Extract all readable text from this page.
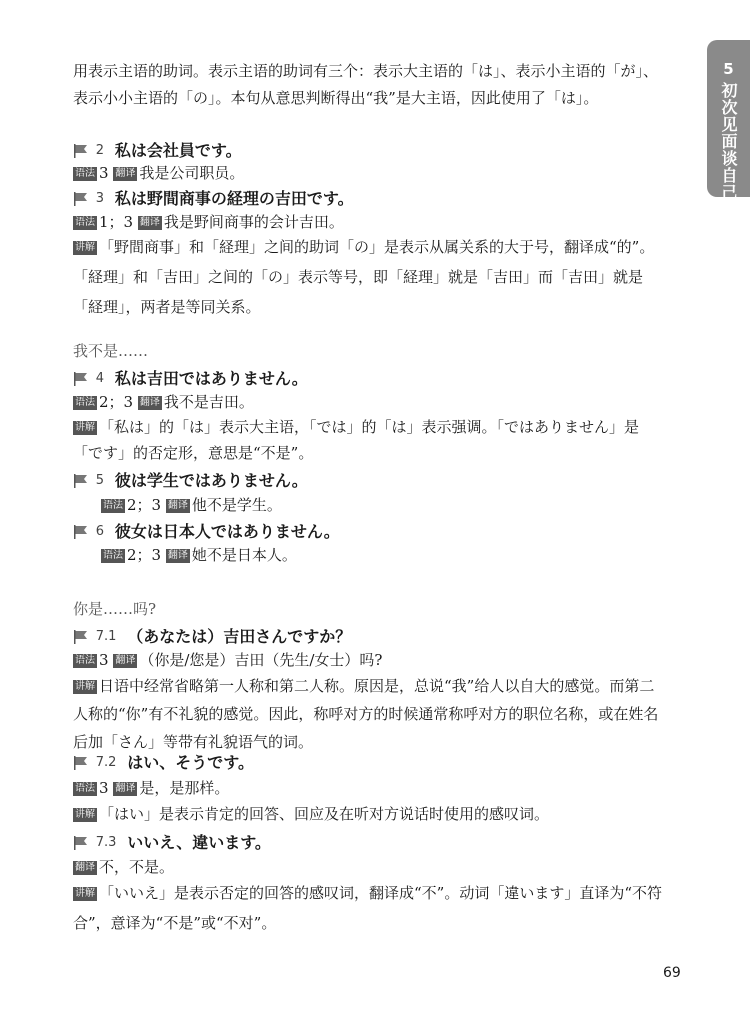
5
初次见面谈自己
用表示主语的助词。表示主语的助词有三个：表示大主语的「は」、表示小主语的「が」、表示小小主语的「の」。本句从意思判断得出“我”是大主语，因此使用了「は」。
2 私は会社員です。
语法 3 翻译 我是公司职员。
3 私は野間商事の経理の吉田です。
语法 1；3 翻译 我是野间商事的会计吉田。
讲解 「野間商事」和「経理」之间的助词「の」是表示从属关系的大于号，翻译成“的”。「経理」和「吉田」之间的「の」表示等号，即「経理」就是「吉田」而「吉田」就是「経理」，两者是等同关系。
我不是……
4 私は吉田ではありません。
语法 2；3 翻译 我不是吉田。
讲解 「私は」的「は」表示大主语，「では」的「は」表示强调。「ではありません」是「です」的否定形，意思是“不是”。
5 彼は学生ではありません。
语法 2；3 翻译 他不是学生。
6 彼女は日本人ではありません。
语法 2；3 翻译 她不是日本人。
你是……吗?
7.1 （あなたは）吉田さんですか？
语法 3 翻译 （你是/您是）吉田（先生/女士）吗?
讲解 日语中经常省略第一人称和第二人称。原因是，总说“我”给人以自大的感觉。而第二人称的“你”有不礼貌的感觉。因此，称呼对方的时候通常称呼对方的职位名称，或在姓名后加「さん」等带有礼貌语气的词。
7.2 はい、そうです。
语法 3 翻译 是，是那样。
讲解 「はい」是表示肯定的回答、回应及在听对方说话时使用的感叹词。
7.3 いいえ、違います。
翻译 不，不是。
讲解 「いいえ」是表示否定的回答的感叹词，翻译成“不”。动词「違います」直译为“不符合”，意译为“不是”或“不对”。
69
